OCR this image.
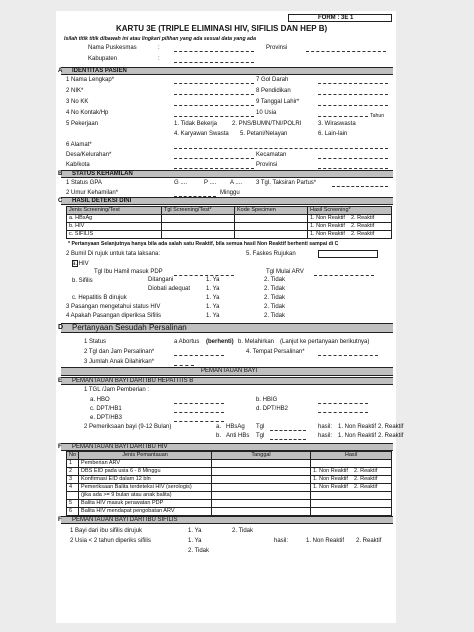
FORM : 3E 1
KARTU 3E (TRIPLE ELIMINASI HIV, SIFILIS DAN HEP B)
Isilah titik titik dibawah ini atau lingkari pilihan yang ada sesuai data yang ada
Nama Puskesmas	:	Provinsi
Kabupaten	:
A IDENTITAS PASIEN
1 Nama Lengkap*	7 Gol Darah
2 NIK*	8 Pendidikan
3 No KK	9 Tanggal Lahir*
4 No Kontak/Hp	10 Usia	Tahun
5 Pekerjaan	1. Tidak Bekerja 2. PNS/BUMN/TNI/POLRI	3. Wiraswasta
4. Karyawan Swasta 5. Petani/Nelayan	6. Lain-lain
6 Alamat*
Desa/Kelurahan*	Kecamatan
Kab/kota	Provinsi
B STATUS KEHAMILAN
1 Status GPA	G ....	P .... A .... 3 Tgl. Taksiran Partus*
2 Umur Kehamilan*	Minggu
C HASIL DETEKSI DINI
Jenis Screening/Test	Tgl Screening/Test*	Kode Specimen	Hasil Screening*
a. HBsAg			1. Non Reaktif 2. Reaktif
b. HIV			1. Non Reaktif 2. Reaktif
c. SIFILIS			1. Non Reaktif 2. Reaktif
* Pertanyaan Selanjutnya hanya bila ada salah satu Reaktif, bila semua hasil Non Reaktif berhenti sampai di C
2 Bumil Di rujuk untuk tata laksana:	5. Faskes Rujukan
a. HIV
Tgl Ibu Hamil masuk PDP	Tgl Mulai ARV
b. Sifilis	Ditangani	1. Ya	2. Tidak
Diobati adequat	1. Ya	2. Tidak
c. Hepatitis B dirujuk	1. Ya	2. Tidak
3 Pasangan mengetahui status HIV	1. Ya	2. Tidak
4 Apakah Pasangan diperiksa Sifilis	1. Ya	2. Tidak
D Pertanyaan Sesudah Persalinan
1 Status	a Abortus (berhenti) b. Melahirkan (Lanjut ke pertanyaan berikutnya)
2 Tgl dan Jam Persalinan*	4. Tempat Persalinan*
3 Jumlah Anak Dilahirkan*
PEMANTAUAN BAYI
E PEMANTAUAN BAYI DARI IBU HEPATITIS B
1 TGL /Jam Pemberian :
a. HBO	b. HBIG
c. DPT/HB1	d. DPT/HB2
e. DPT/HB3
2 Pemeriksaan bayi (9-12 Bulan)	a. HBsAg Tgl	hasil: 1. Non Reaktif 2. Reaktif
b. Anti HBs Tgl	hasil: 1. Non Reaktif 2. Reaktif
F PEMANTAUAN BAYI DARI IBU HIV
No	Jenis Pemantauan	Tanggal	Hasil
1	Pemberian ARV		
2	DBS EID pada usia 6 - 8 Minggu		1. Non Reaktif 2. Reaktif
3	Konfirmasi EID dalam 12 bln		1. Non Reaktif 2. Reaktif
4	Pemeriksaan Balita terdeteksi HIV (serologis)		1. Non Reaktif 2. Reaktif
	(jika ada >= 9 bulan atau anak balita)		
5	Balita HIV masuk perawatan PDP		
6	Balita HIV mendapat pengobatan ARV		
F PEMANTAUAN BAYI DARI IBU SIFILIS
1 Bayi dari ibu sifilis dirujuk	1. Ya	2. Tidak
2 Usia < 2 tahun diperiks sifilis	1. Ya	hasil:	1. Non Reaktif 2. Reaktif
2. Tidak
